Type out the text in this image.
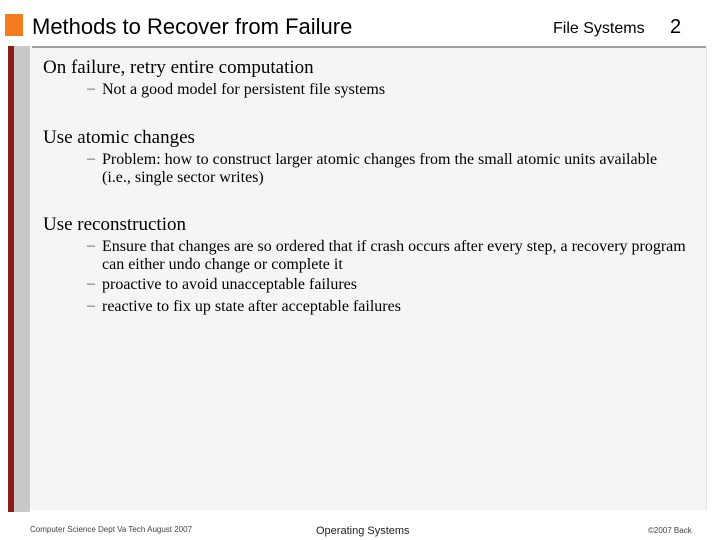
Methods to Recover from Failure	File Systems 2
On failure, retry entire computation
– Not a good model for persistent file systems
Use atomic changes
– Problem: how to construct larger atomic changes from the small atomic units available (i.e., single sector writes)
Use reconstruction
– Ensure that changes are so ordered that if crash occurs after every step, a recovery program can either undo change or complete it
– proactive to avoid unacceptable failures
– reactive to fix up state after acceptable failures
Computer Science Dept Va Tech August 2007	Operating Systems	©2007 Back
